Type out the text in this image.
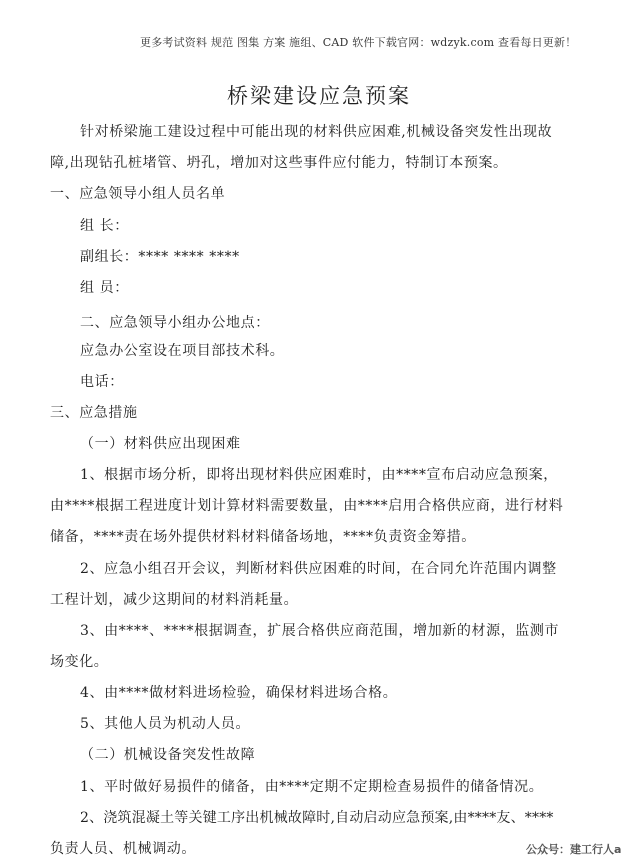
更多考试资料 规范 图集 方案 施组、CAD 软件下载官网：wdzyk.com 查看每日更新！
桥梁建设应急预案
针对桥梁施工建设过程中可能出现的材料供应困难,机械设备突发性出现故
障,出现钻孔桩堵管、坍孔，增加对这些事件应付能力，特制订本预案。
一、应急领导小组人员名单
组 长：
副组长：**** **** ****
组 员：
二、应急领导小组办公地点：
应急办公室设在项目部技术科。
电话：
三、应急措施
（一）材料供应出现困难
1、根据市场分析，即将出现材料供应困难时，由****宣布启动应急预案，
由****根据工程进度计划计算材料需要数量，由****启用合格供应商，进行材料
储备，****责在场外提供材料材料储备场地，****负责资金筹措。
2、应急小组召开会议，判断材料供应困难的时间，在合同允许范围内调整
工程计划，减少这期间的材料消耗量。
3、由****、****根据调查，扩展合格供应商范围，增加新的材源，监测市
场变化。
4、由****做材料进场检验，确保材料进场合格。
5、其他人员为机动人员。
（二）机械设备突发性故障
1、平时做好易损件的储备，由****定期不定期检查易损件的储备情况。
2、浇筑混凝土等关键工序出机械故障时,自动启动应急预案,由****友、****
负责人员、机械调动。	公众号：建工行人a
